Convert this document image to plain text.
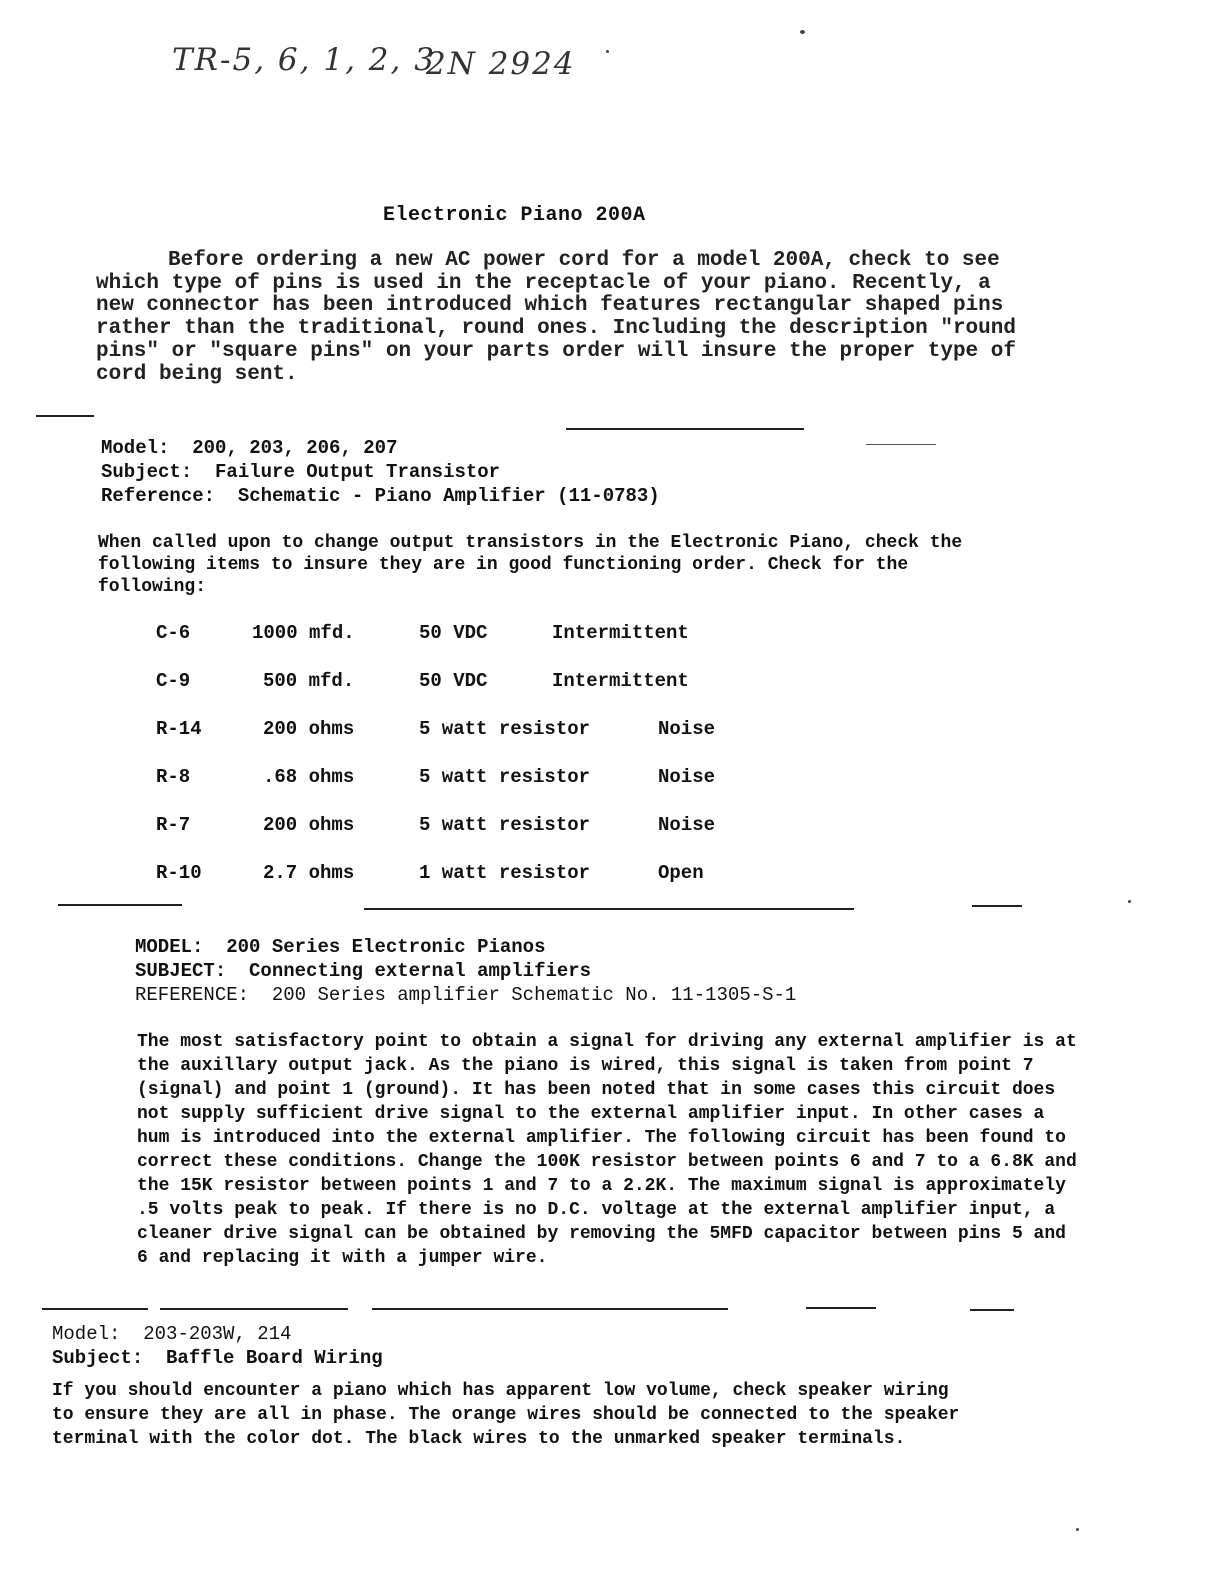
TR-5, 6, 1, 2, 3
2N 2924
Electronic Piano 200A

Before ordering a new AC power cord for a model 200A, check to see which type of pins is used in the receptacle of your piano. Recently, a new connector has been introduced which features rectangular shaped pins rather than the traditional, round ones. Including the description "round pins" or "square pins" on your parts order will insure the proper type of cord being sent.

Model: 200, 203, 206, 207
Subject: Failure Output Transistor
Reference: Schematic - Piano Amplifier (11-0783)

When called upon to change output transistors in the Electronic Piano, check the following items to insure they are in good functioning order. Check for the following:

C-6	1000 mfd.	50 VDC	Intermittent
C-9	500 mfd.	50 VDC	Intermittent
R-14	200 ohms	5 watt resistor	Noise
R-8	.68 ohms	5 watt resistor	Noise
R-7	200 ohms	5 watt resistor	Noise
R-10	2.7 ohms	1 watt resistor	Open
MODEL: 200 Series Electronic Pianos
SUBJECT: Connecting external amplifiers
REFERENCE: 200 Series amplifier Schematic No. 11-1305-S-1

The most satisfactory point to obtain a signal for driving any external amplifier is at the auxillary output jack. As the piano is wired, this signal is taken from point 7 (signal) and point 1 (ground). It has been noted that in some cases this circuit does not supply sufficient drive signal to the external amplifier input. In other cases a hum is introduced into the external amplifier. The following circuit has been found to correct these conditions. Change the 100K resistor between points 6 and 7 to a 6.8K and the 15K resistor between points 1 and 7 to a 2.2K. The maximum signal is approximately .5 volts peak to peak. If there is no D.C. voltage at the external amplifier input, a cleaner drive signal can be obtained by removing the 5MFD capacitor between pins 5 and 6 and replacing it with a jumper wire.

Model: 203-203W, 214
Subject: Baffle Board Wiring

If you should encounter a piano which has apparent low volume, check speaker wiring to ensure they are all in phase. The orange wires should be connected to the speaker terminal with the color dot. The black wires to the unmarked speaker terminals.
